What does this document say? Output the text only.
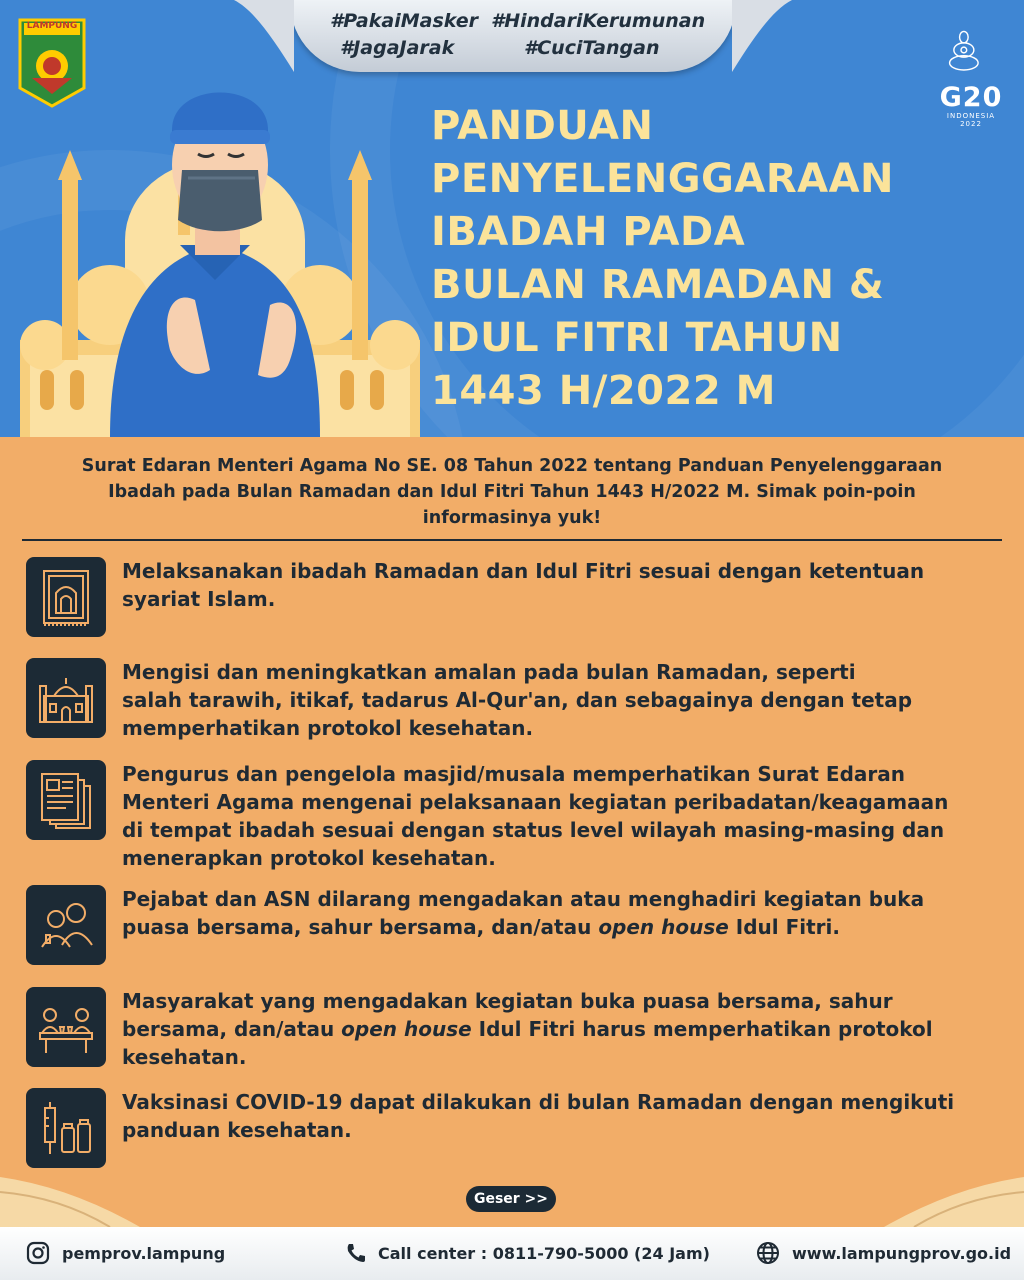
LAMPUNG
G20
INDONESIA
2022
#PakaiMasker #HindariKerumunan
#JagaJarak	#CuciTangan
PANDUAN
PENYELENGGARAAN
IBADAH PADA
BULAN RAMADAN &
IDUL FITRI TAHUN
1443 H/2022 M

Surat Edaran Menteri Agama No SE. 08 Tahun 2022 tentang Panduan Penyelenggaraan
Ibadah pada Bulan Ramadan dan Idul Fitri Tahun 1443 H/2022 M. Simak poin-poin
informasinya yuk!

Melaksanakan ibadah Ramadan dan Idul Fitri sesuai dengan ketentuan
syariat Islam.

Mengisi dan meningkatkan amalan pada bulan Ramadan, seperti
salah tarawih, itikaf, tadarus Al-Qur'an, dan sebagainya dengan tetap
memperhatikan protokol kesehatan.

Pengurus dan pengelola masjid/musala memperhatikan Surat Edaran
Menteri Agama mengenai pelaksanaan kegiatan peribadatan/keagamaan
di tempat ibadah sesuai dengan status level wilayah masing-masing dan
menerapkan protokol kesehatan.

Pejabat dan ASN dilarang mengadakan atau menghadiri kegiatan buka
puasa bersama, sahur bersama, dan/atau open house Idul Fitri.

Masyarakat yang mengadakan kegiatan buka puasa bersama, sahur
bersama, dan/atau open house Idul Fitri harus memperhatikan protokol
kesehatan.

Vaksinasi COVID-19 dapat dilakukan di bulan Ramadan dengan mengikuti
panduan kesehatan.

Geser >>
pemprov.lampung	Call center : 0811-790-5000 (24 Jam)	www.lampungprov.go.id
